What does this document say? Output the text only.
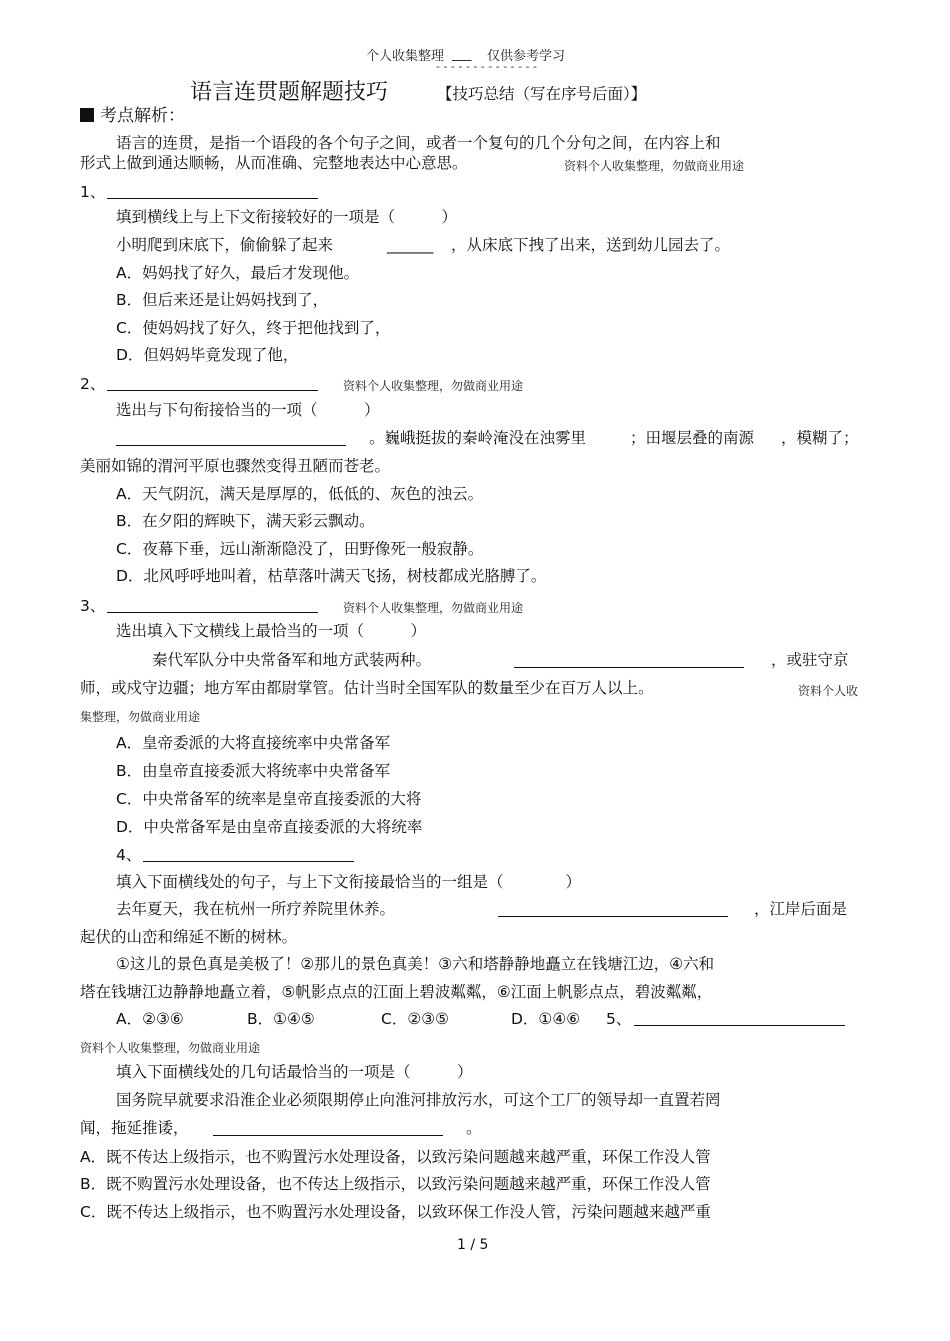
个人收集整理 ___ 仅供参考学习
- - - - - - - - - - - - - -
语言连贯题解题技巧	【技巧总结（写在序号后面）】
考点解析：
语言的连贯，是指一个语段的各个句子之间，或者一个复句的几个分句之间，在内容上和
形式上做到通达顺畅，从而准确、完整地表达中心意思。	资料个人收集整理，勿做商业用途
1、
填到横线上与上下文衔接较好的一项是（　　　）
小明爬到床底下，偷偷躲了起来	______ ，从床底下拽了出来，送到幼儿园去了。
A．妈妈找了好久，最后才发现他。
B．但后来还是让妈妈找到了，
C．使妈妈找了好久，终于把他找到了，
D．但妈妈毕竟发现了他，
2、	资料个人收集整理，勿做商业用途
选出与下句衔接恰当的一项（　　　）
。巍峨挺拔的秦岭淹没在浊雾里	；田堰层叠的南源 ，模糊了；
美丽如锦的渭河平原也骤然变得丑陋而苍老。
A．天气阴沉，满天是厚厚的，低低的、灰色的浊云。
B．在夕阳的辉映下，满天彩云飘动。
C．夜幕下垂，远山渐渐隐没了，田野像死一般寂静。
D．北风呼呼地叫着，枯草落叶满天飞扬，树枝都成光胳膊了。
3、	资料个人收集整理，勿做商业用途
选出填入下文横线上最恰当的一项（　　　）
秦代军队分中央常备军和地方武装两种。	，或驻守京
师，或戍守边疆；地方军由都尉掌管。估计当时全国军队的数量至少在百万人以上。	资料个人收
集整理，勿做商业用途
A．皇帝委派的大将直接统率中央常备军
B．由皇帝直接委派大将统率中央常备军
C．中央常备军的统率是皇帝直接委派的大将
D．中央常备军是由皇帝直接委派的大将统率
4、
填入下面横线处的句子，与上下文衔接最恰当的一组是（　　　　）
去年夏天，我在杭州一所疗养院里休养。	，江岸后面是
起伏的山峦和绵延不断的树林。
①这儿的景色真是美极了！②那儿的景色真美！③六和塔静静地矗立在钱塘江边，④六和
塔在钱塘江边静静地矗立着，⑤帆影点点的江面上碧波粼粼，⑥江面上帆影点点，碧波粼粼，
A．②③⑥	B．①④⑤	C．②③⑤	D．①④⑥ 5、
资料个人收集整理，勿做商业用途
填入下面横线处的几句话最恰当的一项是（　　　）
国务院早就要求沿淮企业必须限期停止向淮河排放污水，可这个工厂的领导却一直置若罔
闻，拖延推诿，	。
A．既不传达上级指示，也不购置污水处理设备，以致污染问题越来越严重，环保工作没人管
B．既不购置污水处理设备，也不传达上级指示，以致污染问题越来越严重，环保工作没人管
C．既不传达上级指示，也不购置污水处理设备，以致环保工作没人管，污染问题越来越严重
1 / 5
